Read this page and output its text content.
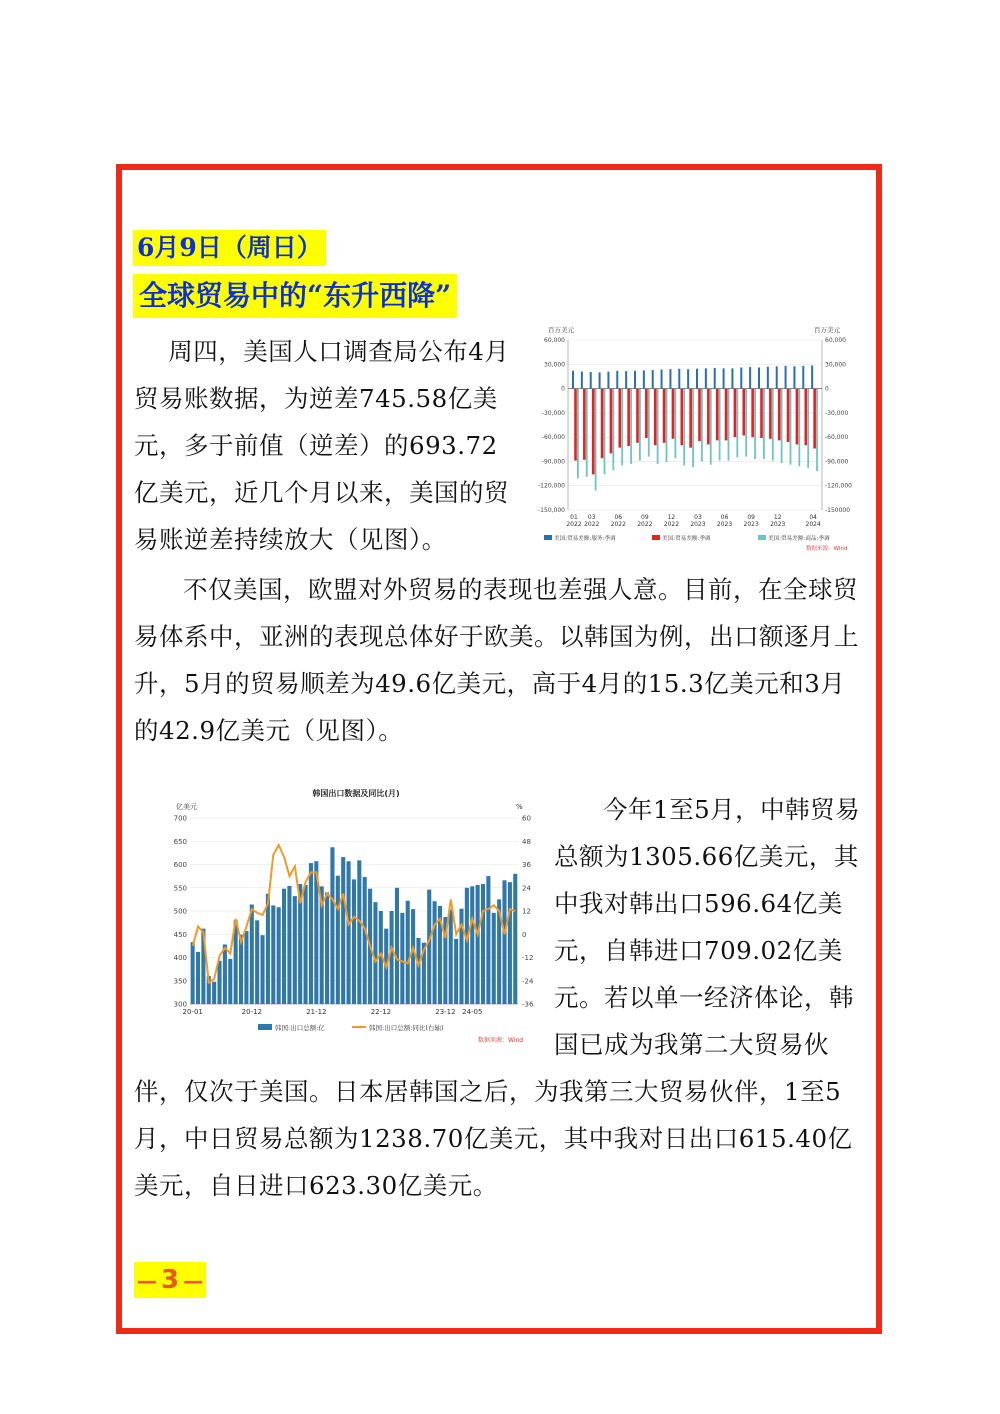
6月9日（周日）
全球贸易中的“东升西降”

周四，美国人口调查局公布4月贸易账数据，为逆差745.58亿美元，多于前值（逆差）的693.72亿美元，近几个月以来，美国的贸易账逆差持续放大（见图）。

百万美元	百万美元
60,000	60,000
30,000	30,000
0	0
-30,000	-30,000
-60,000	-60,000
-90,000	-90,000
-120,000	-120,000
-150,000	-150000
01
2022
03
2022
06
2022
09
2022
12
2022
03
2023
06
2023
09
2023
12
2023
04
2024
美国:贸易差额:服务:季调	美国:贸易差额:季调	美国:贸易差额:商品:季调
数据来源：Wind

不仅美国，欧盟对外贸易的表现也差强人意。目前，在全球贸易体系中，亚洲的表现总体好于欧美。以韩国为例，出口额逐月上升，5月的贸易顺差为49.6亿美元，高于4月的15.3亿美元和3月的42.9亿美元（见图）。

今年1至5月，中韩贸易总额为1305.66亿美元，其中我对韩出口596.64亿美元，自韩进口709.02亿美元。若以单一经济体论，韩国已成为我第二大贸易伙伴，仅次于美国。日本居韩国之后，为我第三大贸易伙伴，1至5月，中日贸易总额为1238.70亿美元，其中我对日出口615.40亿美元，自日进口623.30亿美元。
韩国出口数据及同比(月)
亿美元	%
700	60
650	48
600	36
550	24
500	12
450	0
400	-12
350	-24
300	-36
20-01	20-12	21-12	22-12	23-12 24-05
韩国:出口总额:亿	韩国:出口总额:同比(右轴)
数据来源：Wind
— 3 —
